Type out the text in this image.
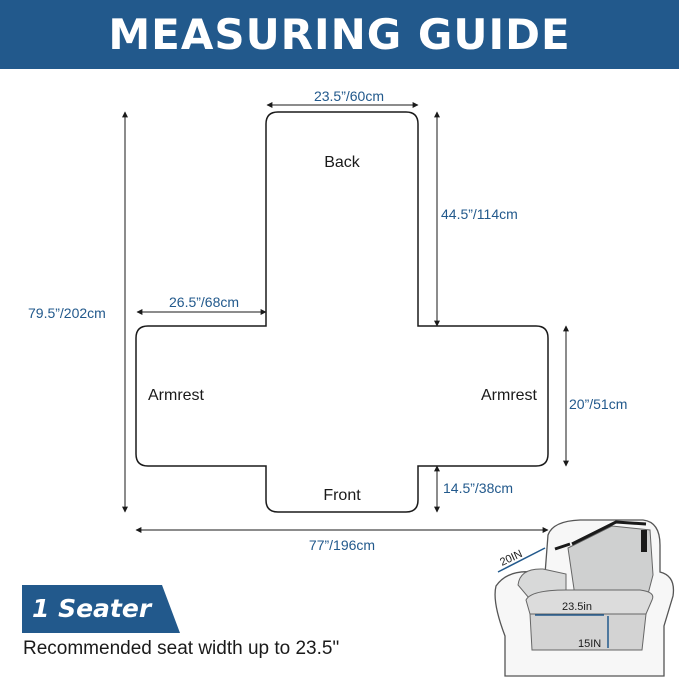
MEASURING GUIDE
23.5”/60cm
44.5”/114cm
79.5”/202cm
26.5”/68cm
20”/51cm
14.5”/38cm
77”/196cm
Back
Armrest	Armrest
Front
20IN
23.5in
15IN
1 Seater
Recommended seat width up to 23.5"
